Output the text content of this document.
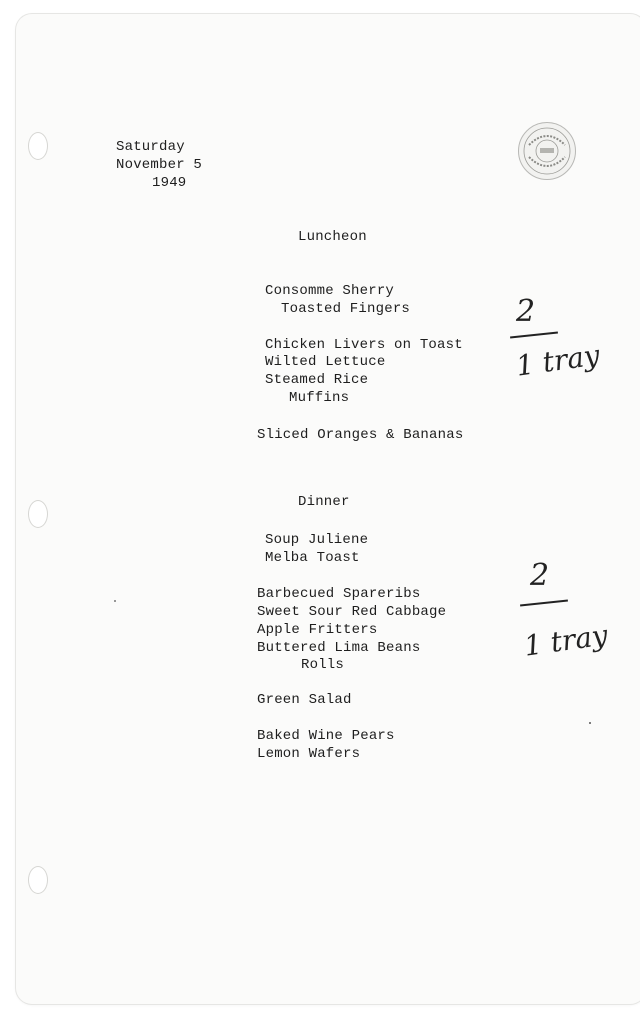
Saturday
November 5
1949
Luncheon
Consomme Sherry
Toasted Fingers
Chicken Livers on Toast
Wilted Lettuce
Steamed Rice
Muffins
Sliced Oranges & Bananas
2
1 tray
Dinner
Soup Juliene
Melba Toast
Barbecued Spareribs
Sweet Sour Red Cabbage
Apple Fritters
Buttered Lima Beans
Rolls
Green Salad
Baked Wine Pears
Lemon Wafers
2
1 tray
